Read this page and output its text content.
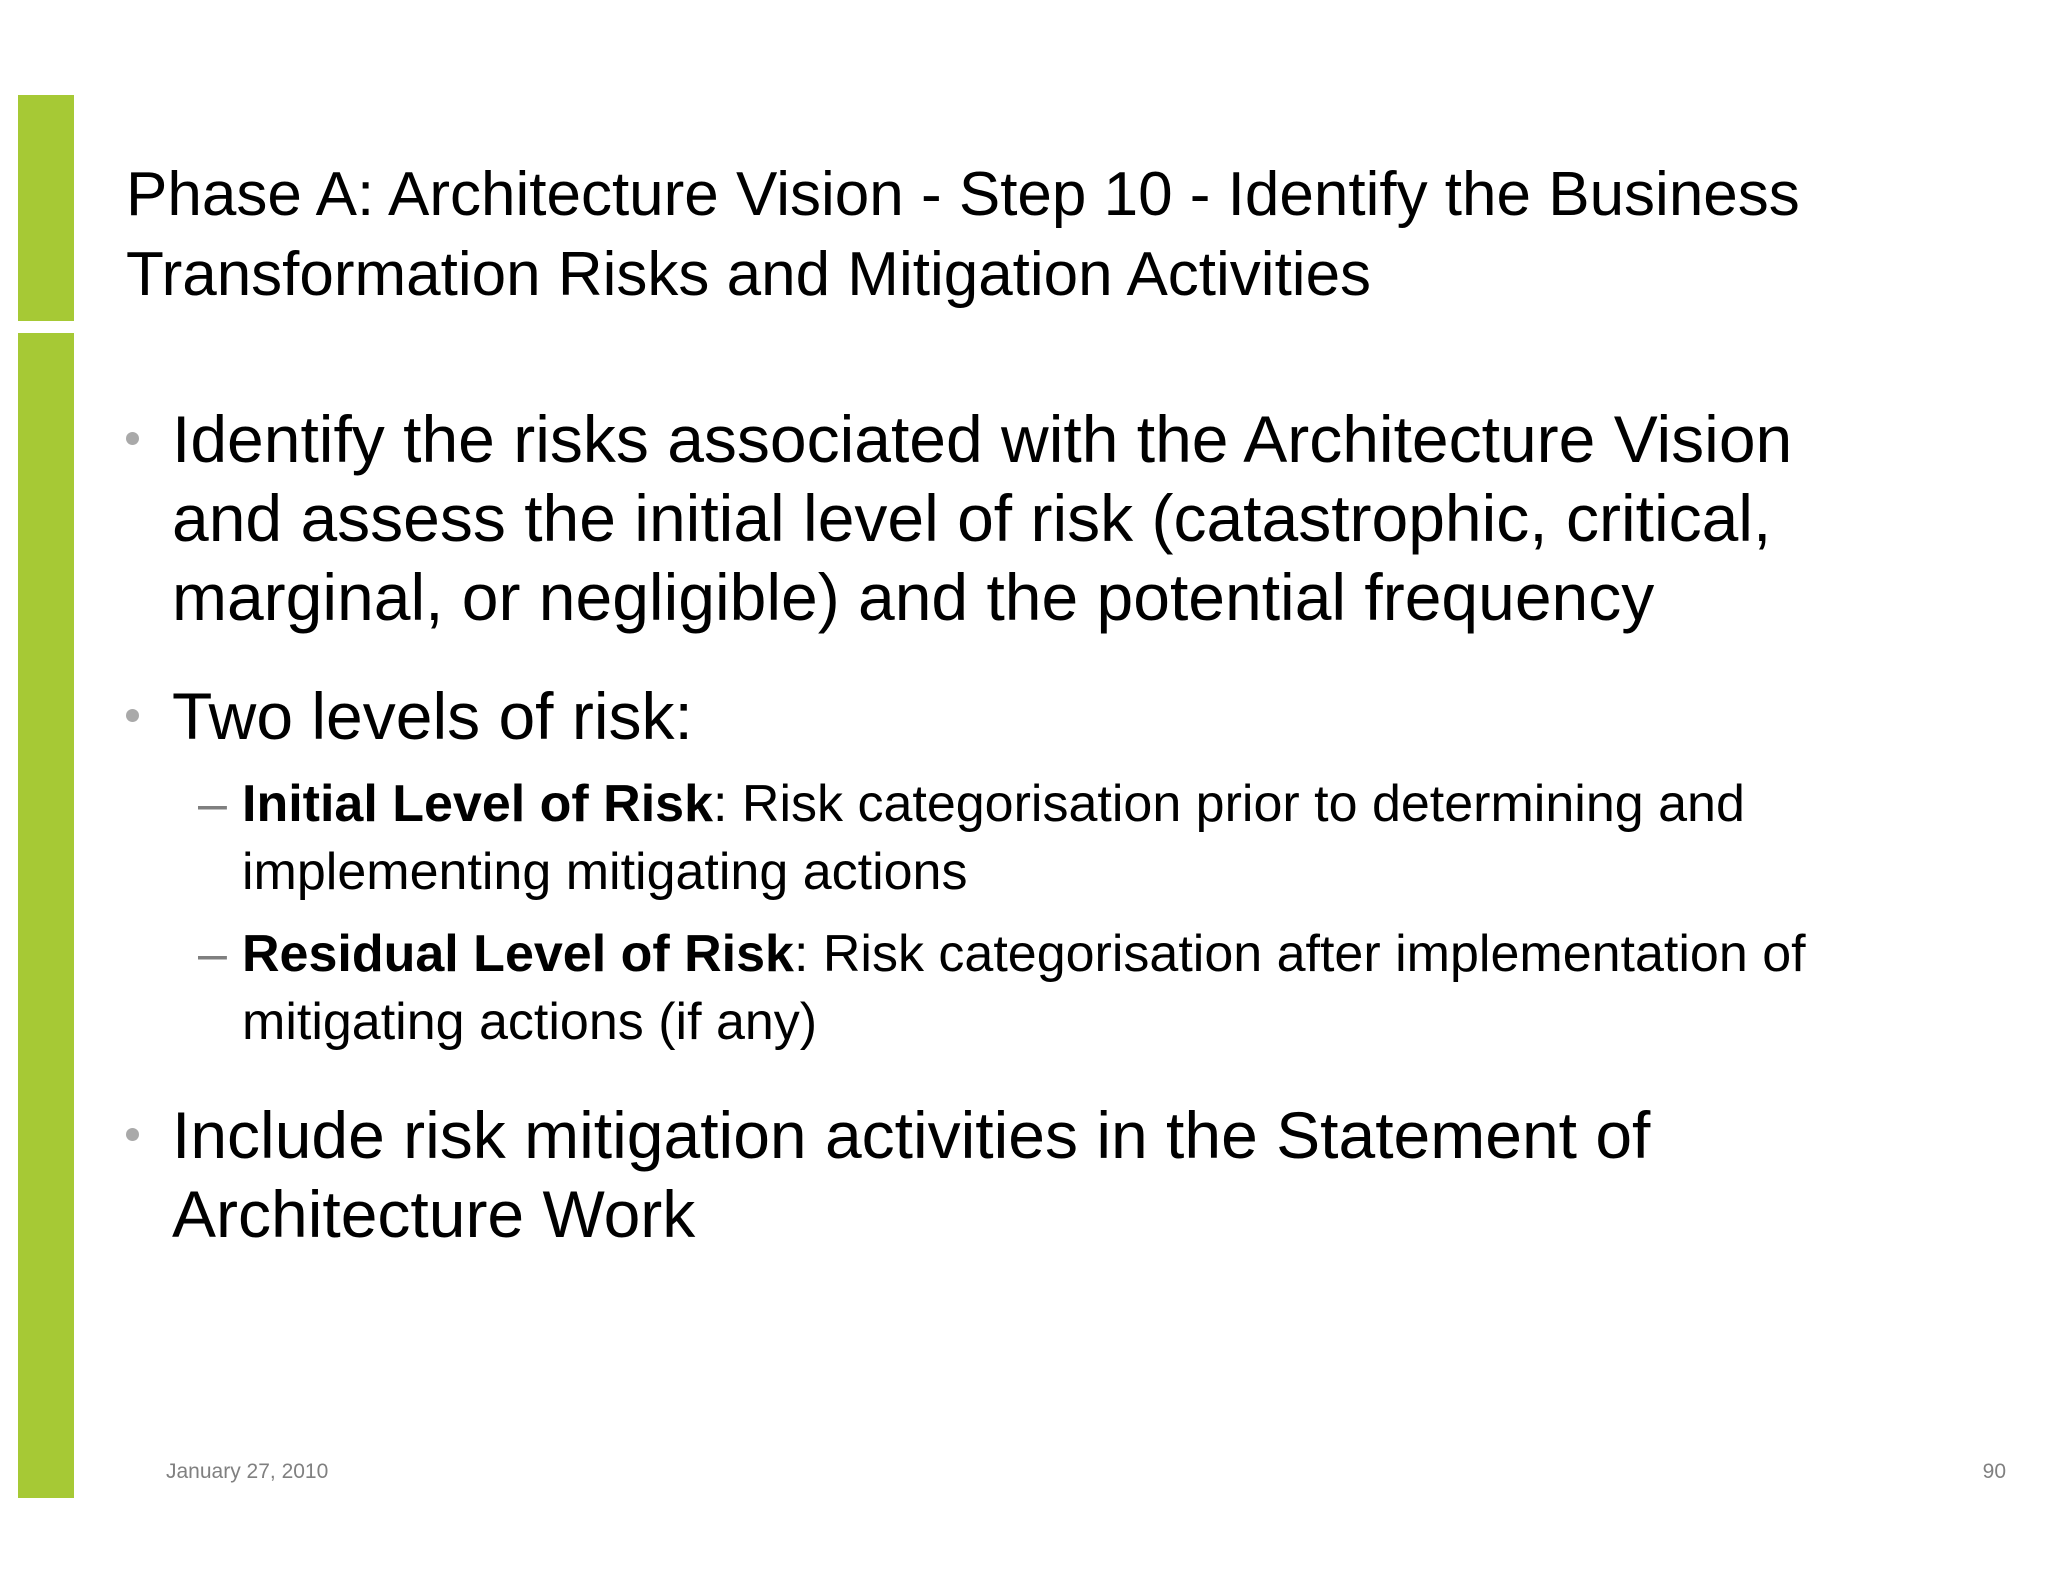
Phase A: Architecture Vision - Step 10 - Identify the Business Transformation Risks and Mitigation Activities
Identify the risks associated with the Architecture Vision and assess the initial level of risk (catastrophic, critical, marginal, or negligible) and the potential frequency
Two levels of risk:
– Initial Level of Risk: Risk categorisation prior to determining and implementing mitigating actions
– Residual Level of Risk: Risk categorisation after implementation of mitigating actions (if any)
Include risk mitigation activities in the Statement of Architecture Work
January 27, 2010	90
